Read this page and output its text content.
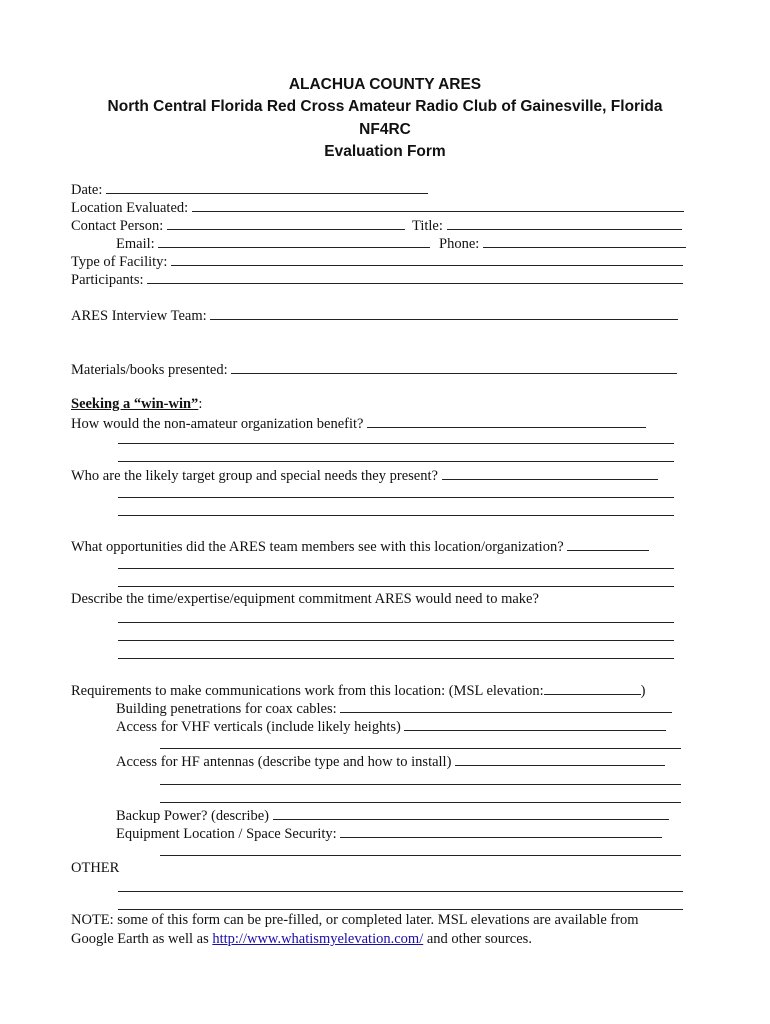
ALACHUA COUNTY ARES
North Central Florida Red Cross Amateur Radio Club of Gainesville, Florida
NF4RC
Evaluation Form
Date:
Location Evaluated:
Contact Person:	Title:
Email:	Phone:
Type of Facility:
Participants:
ARES Interview Team:
Materials/books presented:
Seeking a “win-win”:
How would the non-amateur organization benefit?
Who are the likely target group and special needs they present?
What opportunities did the ARES team members see with this location/organization?
Describe the time/expertise/equipment commitment ARES would need to make?
Requirements to make communications work from this location: (MSL elevation:	)
Building penetrations for coax cables:
Access for VHF verticals (include likely heights)
Access for HF antennas (describe type and how to install)
Backup Power? (describe)
Equipment Location / Space Security:
OTHER
NOTE: some of this form can be pre-filled, or completed later. MSL elevations are available from
Google Earth as well as http://www.whatismyelevation.com/ and other sources.
